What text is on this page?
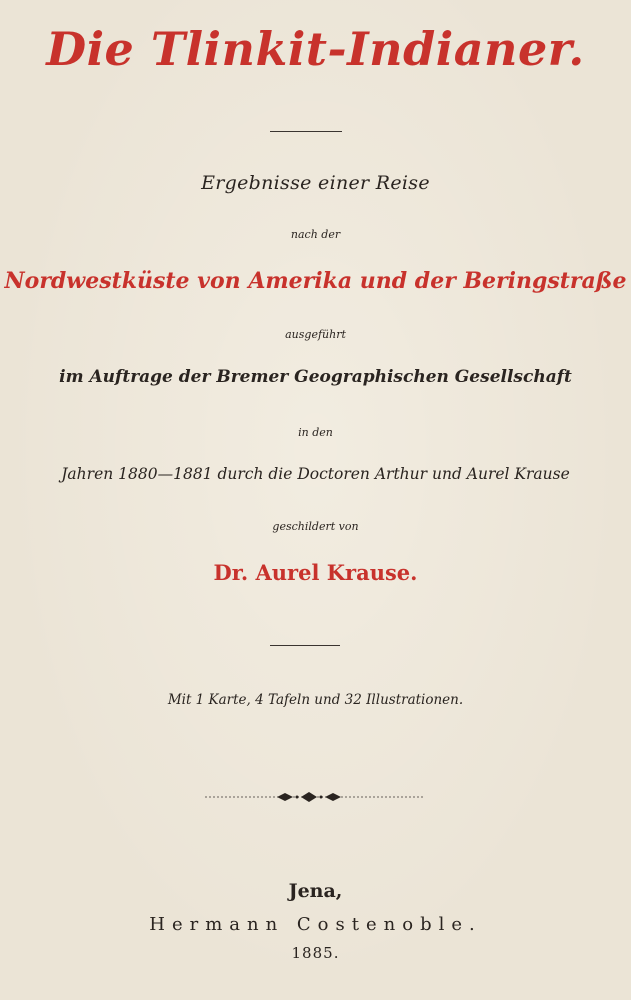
Die Tlinkit-Indianer.
Ergebnisse einer Reise
nach der
Nordwestküste von Amerika und der Beringstraße
ausgeführt
im Auftrage der Bremer Geographischen Gesellschaft
in den
Jahren 1880—1881 durch die Doctoren Arthur und Aurel Krause
geschildert von
Dr. Aurel Krause.
Mit 1 Karte, 4 Tafeln und 32 Illustrationen.
Jena,
Hermann Costenoble.
1885.
